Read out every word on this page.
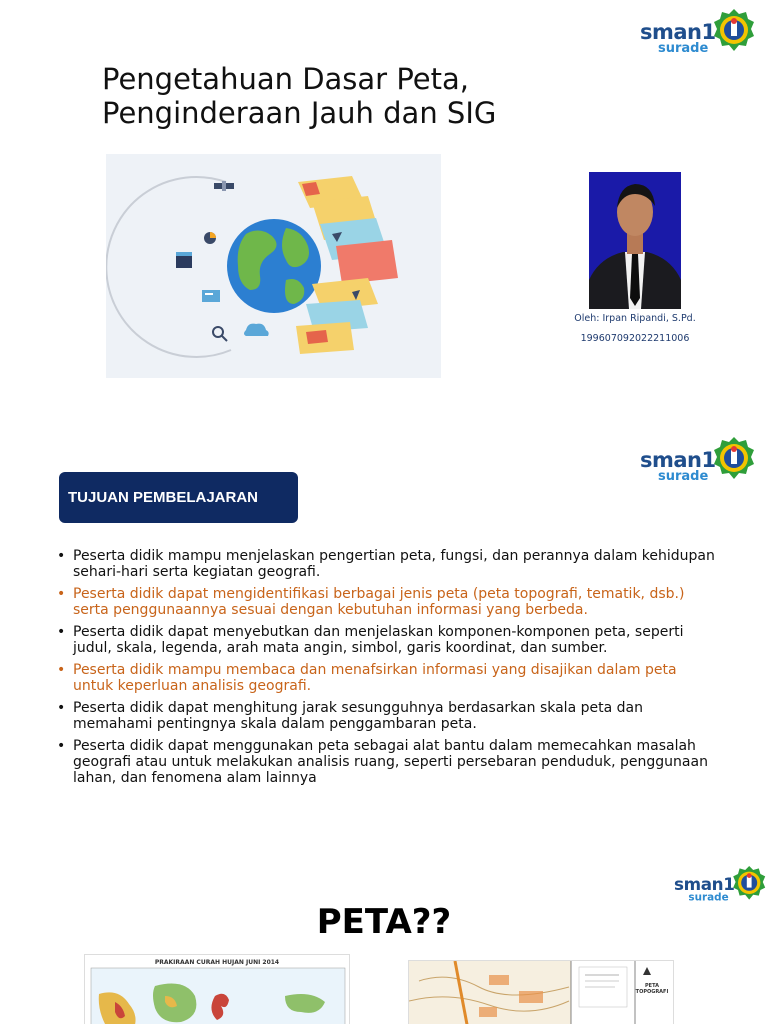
sman1
surade
Pengetahuan Dasar Peta,
Penginderaan Jauh dan SIG
Oleh: Irpan Ripandi, S.Pd.
199607092022211006
sman1
surade
TUJUAN PEMBELAJARAN
• Peserta didik mampu menjelaskan pengertian peta, fungsi, dan perannya dalam kehidupan sehari-hari serta kegiatan geografi.
• Peserta didik dapat mengidentifikasi berbagai jenis peta (peta topografi, tematik, dsb.) serta penggunaannya sesuai dengan kebutuhan informasi yang berbeda.
• Peserta didik dapat menyebutkan dan menjelaskan komponen-komponen peta, seperti judul, skala, legenda, arah mata angin, simbol, garis koordinat, dan sumber.
• Peserta didik mampu membaca dan menafsirkan informasi yang disajikan dalam peta untuk keperluan analisis geografi.
• Peserta didik dapat menghitung jarak sesungguhnya berdasarkan skala peta dan memahami pentingnya skala dalam penggambaran peta.
• Peserta didik dapat menggunakan peta sebagai alat bantu dalam memecahkan masalah geografi atau untuk melakukan analisis ruang, seperti persebaran penduduk, penggunaan lahan, dan fenomena alam lainnya
sman1
surade
PETA??
PRAKIRAAN CURAH HUJAN JUNI 2014
PETA TOPOGRAFI
